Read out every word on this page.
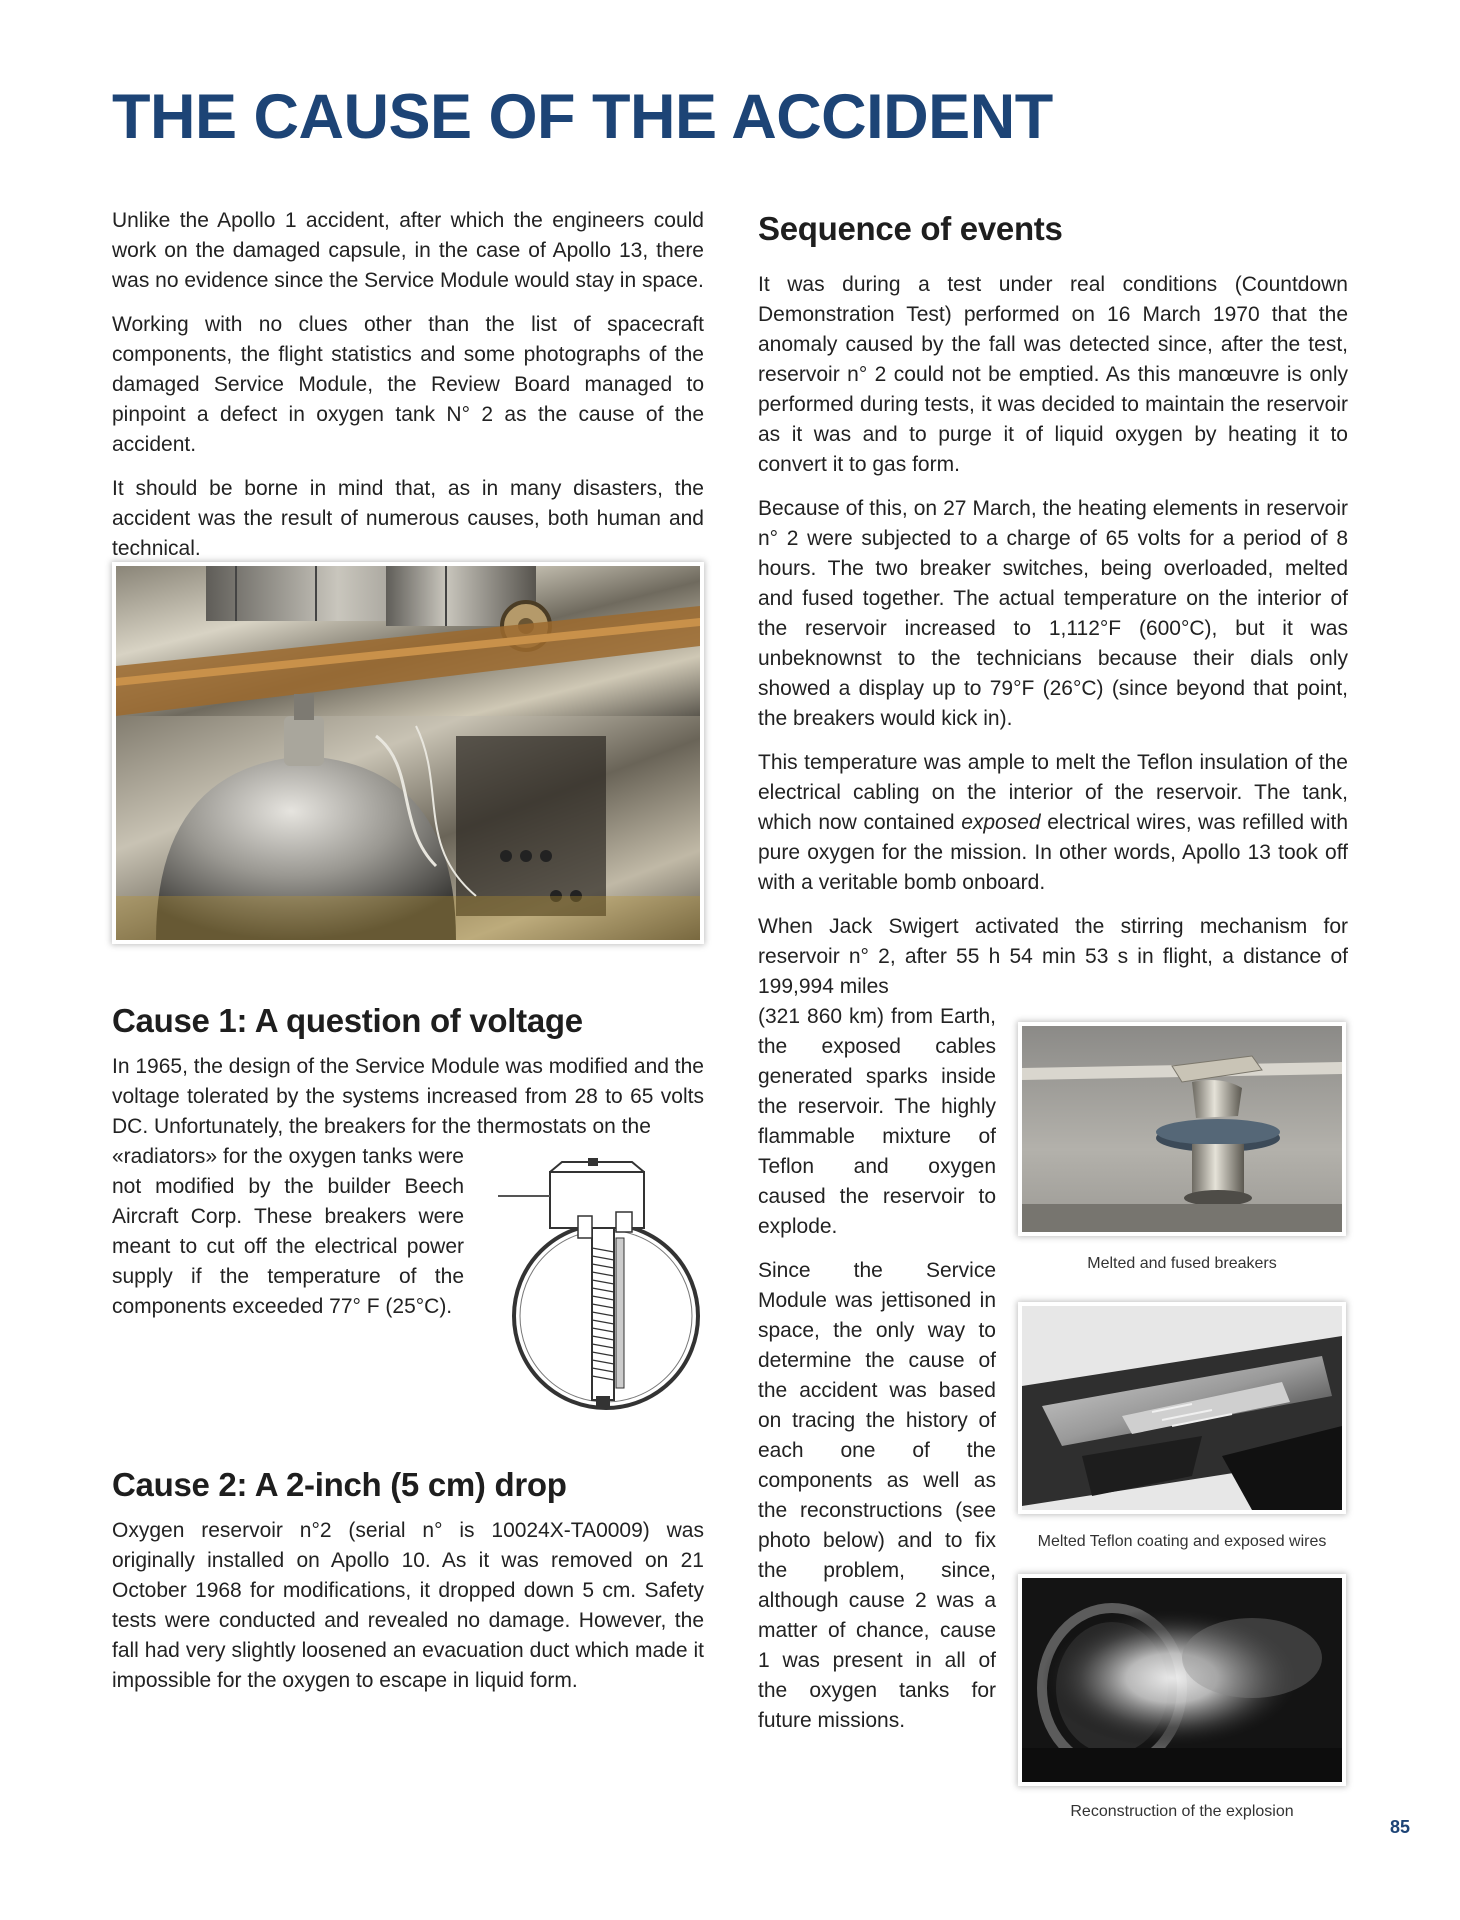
THE CAUSE OF THE ACCIDENT

Unlike the Apollo 1 accident, after which the engineers could work on the damaged capsule, in the case of Apollo 13, there was no evidence since the Service Module would stay in space.

Working with no clues other than the list of spacecraft components, the flight statistics and some photographs of the damaged Service Module, the Review Board managed to pinpoint a defect in oxygen tank N° 2 as the cause of the accident.

It should be borne in mind that, as in many disasters, the accident was the result of numerous causes, both human and technical.

Cause 1: A question of voltage

In 1965, the design of the Service Module was modified and the voltage tolerated by the systems increased from 28 to 65 volts DC. Unfortunately, the breakers for the thermostats on the

«radiators» for the oxygen tanks were not modified by the builder Beech Aircraft Corp. These breakers were meant to cut off the electrical power supply if the temperature of the components exceeded 77° F (25°C).

Cause 2: A 2-inch (5 cm) drop

Oxygen reservoir n°2 (serial n° is 10024X-TA0009) was originally installed on Apollo 10. As it was removed on 21 October 1968 for modifications, it dropped down 5 cm. Safety tests were conducted and revealed no damage. However, the fall had very slightly loosened an evacuation duct which made it impossible for the oxygen to escape in liquid form.

Sequence of events

It was during a test under real conditions (Countdown Demonstration Test) performed on 16 March 1970 that the anomaly caused by the fall was detected since, after the test, reservoir n° 2 could not be emptied. As this manœuvre is only performed during tests, it was decided to maintain the reservoir as it was and to purge it of liquid oxygen by heating it to convert it to gas form.

Because of this, on 27 March, the heating elements in reservoir n° 2 were subjected to a charge of 65 volts for a period of 8 hours. The two breaker switches, being overloaded, melted and fused together. The actual temperature on the interior of the reservoir increased to 1,112°F (600°C), but it was unbeknownst to the technicians because their dials only showed a display up to 79°F (26°C) (since beyond that point, the breakers would kick in).

This temperature was ample to melt the Teflon insulation of the electrical cabling on the interior of the reservoir. The tank, which now contained exposed electrical wires, was refilled with pure oxygen for the mission. In other words, Apollo 13 took off with a veritable bomb onboard.

When Jack Swigert activated the stirring mechanism for reservoir n° 2, after 55 h 54 min 53 s in flight, a distance of 199,994 miles

(321 860 km) from Earth, the exposed cables generated sparks inside the reservoir. The highly flammable mixture of Teflon and oxygen caused the reservoir to explode.

Since the Service Module was jettisoned in space, the only way to determine the cause of the accident was based on tracing the history of each one of the components as well as the reconstructions (see photo below) and to fix the problem, since, although cause 2 was a matter of chance, cause 1 was present in all of the oxygen tanks for future missions.

Melted and fused breakers
Melted Teflon coating and exposed wires
Reconstruction of the explosion
85
